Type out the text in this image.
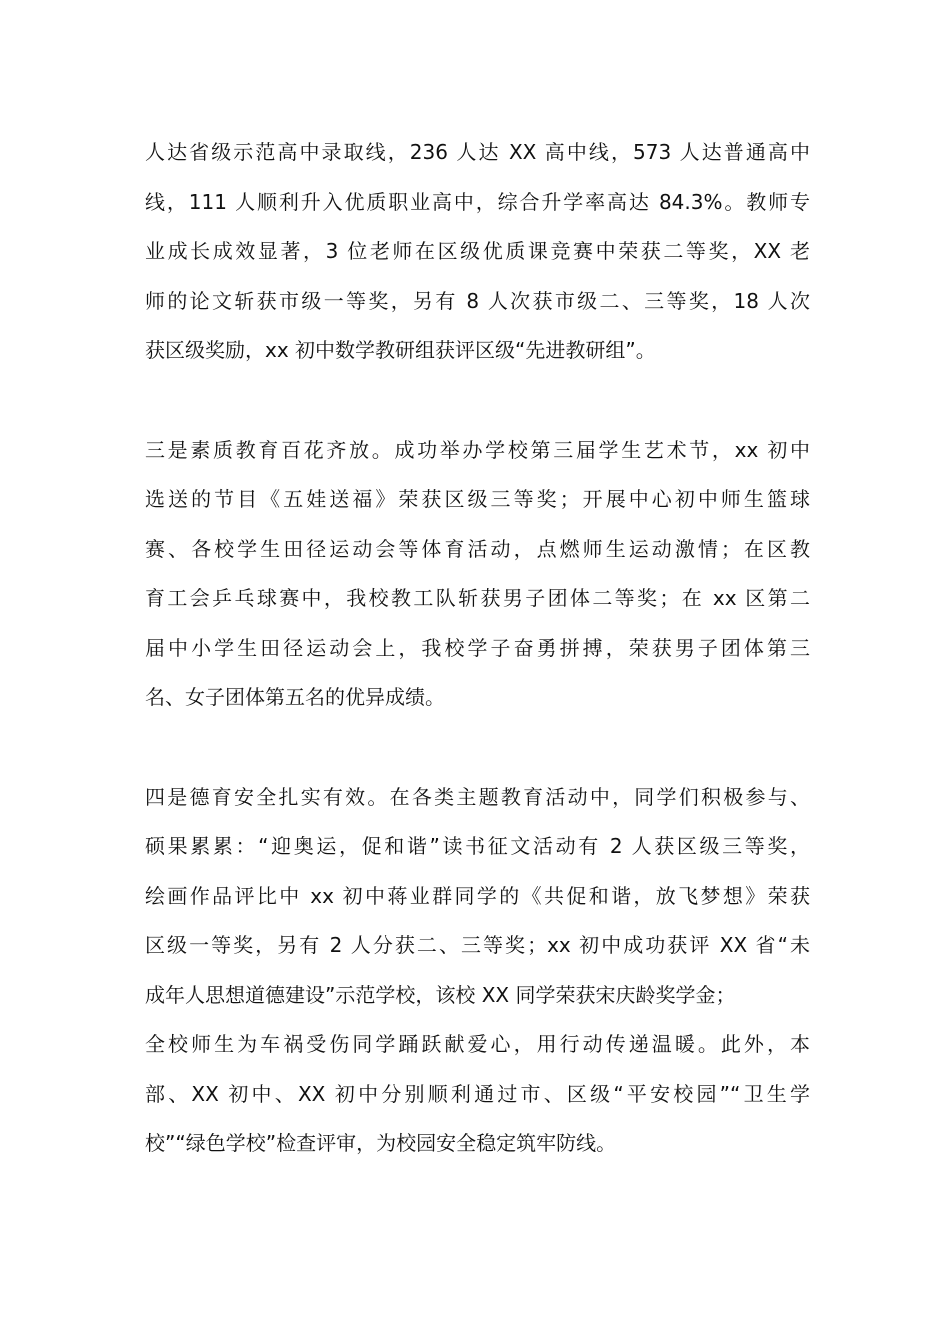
人达省级示范高中录取线，236 人达 XX 高中线，573 人达普通高中
线，111 人顺利升入优质职业高中，综合升学率高达 84.3%。教师专
业成长成效显著，3 位老师在区级优质课竞赛中荣获二等奖，XX 老
师的论文斩获市级一等奖，另有 8 人次获市级二、三等奖，18 人次
获区级奖励，xx 初中数学教研组获评区级“先进教研组”。
三是素质教育百花齐放。成功举办学校第三届学生艺术节，xx 初中
选送的节目《五娃送福》荣获区级三等奖；开展中心初中师生篮球
赛、各校学生田径运动会等体育活动，点燃师生运动激情；在区教
育工会乒乓球赛中，我校教工队斩获男子团体二等奖；在 xx 区第二
届中小学生田径运动会上，我校学子奋勇拼搏，荣获男子团体第三
名、女子团体第五名的优异成绩。
四是德育安全扎实有效。在各类主题教育活动中，同学们积极参与、
硕果累累：“迎奥运，促和谐”读书征文活动有 2 人获区级三等奖，
绘画作品评比中 xx 初中蒋业群同学的《共促和谐，放飞梦想》荣获
区级一等奖，另有 2 人分获二、三等奖；xx 初中成功获评 XX 省“未
成年人思想道德建设”示范学校，该校 XX 同学荣获宋庆龄奖学金；
全校师生为车祸受伤同学踊跃献爱心，用行动传递温暖。此外，本
部、XX 初中、XX 初中分别顺利通过市、区级“平安校园”“卫生学
校”“绿色学校”检查评审，为校园安全稳定筑牢防线。
